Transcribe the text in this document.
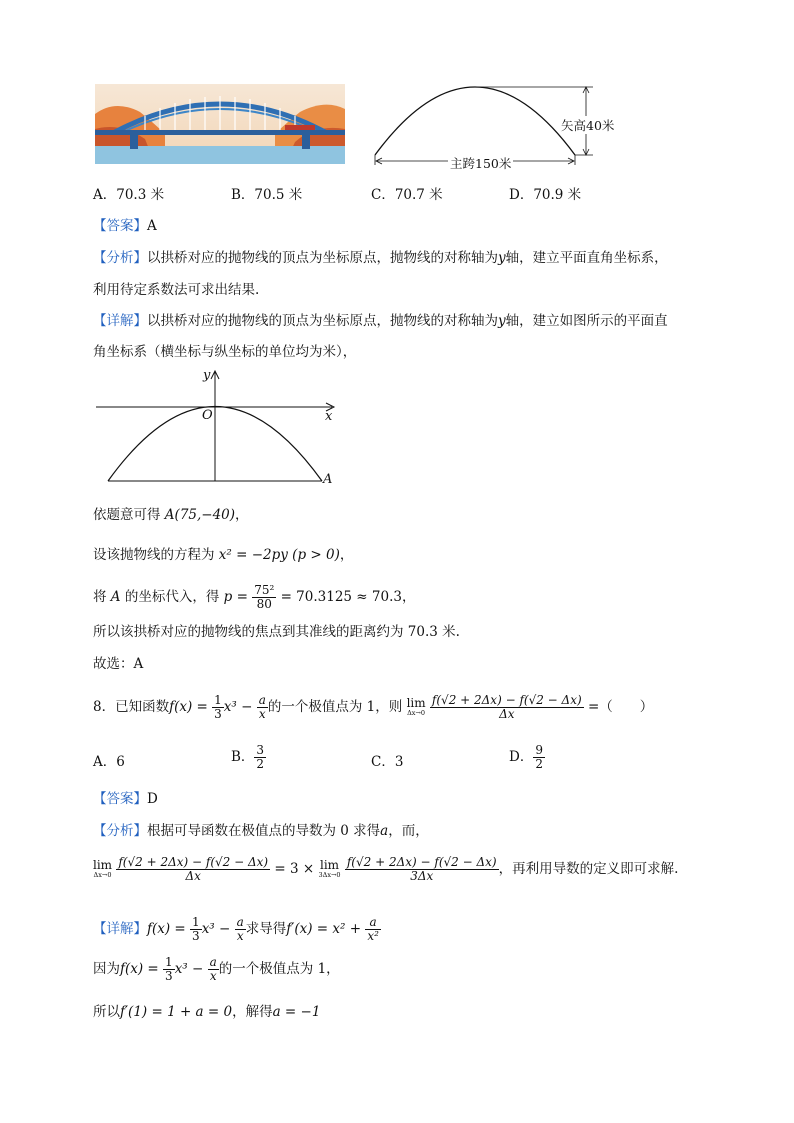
矢高40米
主跨150米
A．70.3 米	B．70.5 米	C．70.7 米	D．70.9 米
【答案】A
【分析】以拱桥对应的抛物线的顶点为坐标原点，抛物线的对称轴为y轴，建立平面直角坐标系，
利用待定系数法可求出结果.
【详解】以拱桥对应的抛物线的顶点为坐标原点，抛物线的对称轴为y轴，建立如图所示的平面直
角坐标系（横坐标与纵坐标的单位均为米），
y
x
O
A
依题意可得 A(75,−40)，
设该抛物线的方程为 x² = −2py (p > 0)，
将 A 的坐标代入，得 $p = \frac{\text{75²}}{80} = 70.3125 \approx 70.3$，
所以该拱桥对应的抛物线的焦点到其准线的距离约为 70.3 米.
故选：A
8．已知函数$f(x) = \frac{1}{3} x^3 - \frac{a}{x}$ 的一个极值点为 1，则 lim
Δx→0
$\frac{f(√2 + 2\Delta x) - f(√2 - \Delta x)}{\Delta x}$ =（　　）
A．6	B． $\frac{3}{2}$	C．3	D． $\frac{9}{2}$
【答案】D
【分析】根据可导函数在极值点的导数为 0 求得a，而，
lim
Δx→0
$\frac{f(√2 + 2\Delta x) - f(√2 - \Delta x)}{\Delta x} = 3 \times \lim$
3Δx→0
$\frac{f(√2 + 2\Delta x) - f(√2 - \Delta x)}{3\Delta x}$ ，再利用导数的定义即可求解.
【详解】$f(x) = \frac{1}{3} x^3 - \frac{a}{x}$ 求导得$f'(x) = x^2 + \frac{a}{\text{x²}}$
因为$f(x) = \frac{1}{3} x^3 - \frac{a}{x}$ 的一个极值点为 1，
所以f′(1) = 1 + a = 0，解得a = −1
